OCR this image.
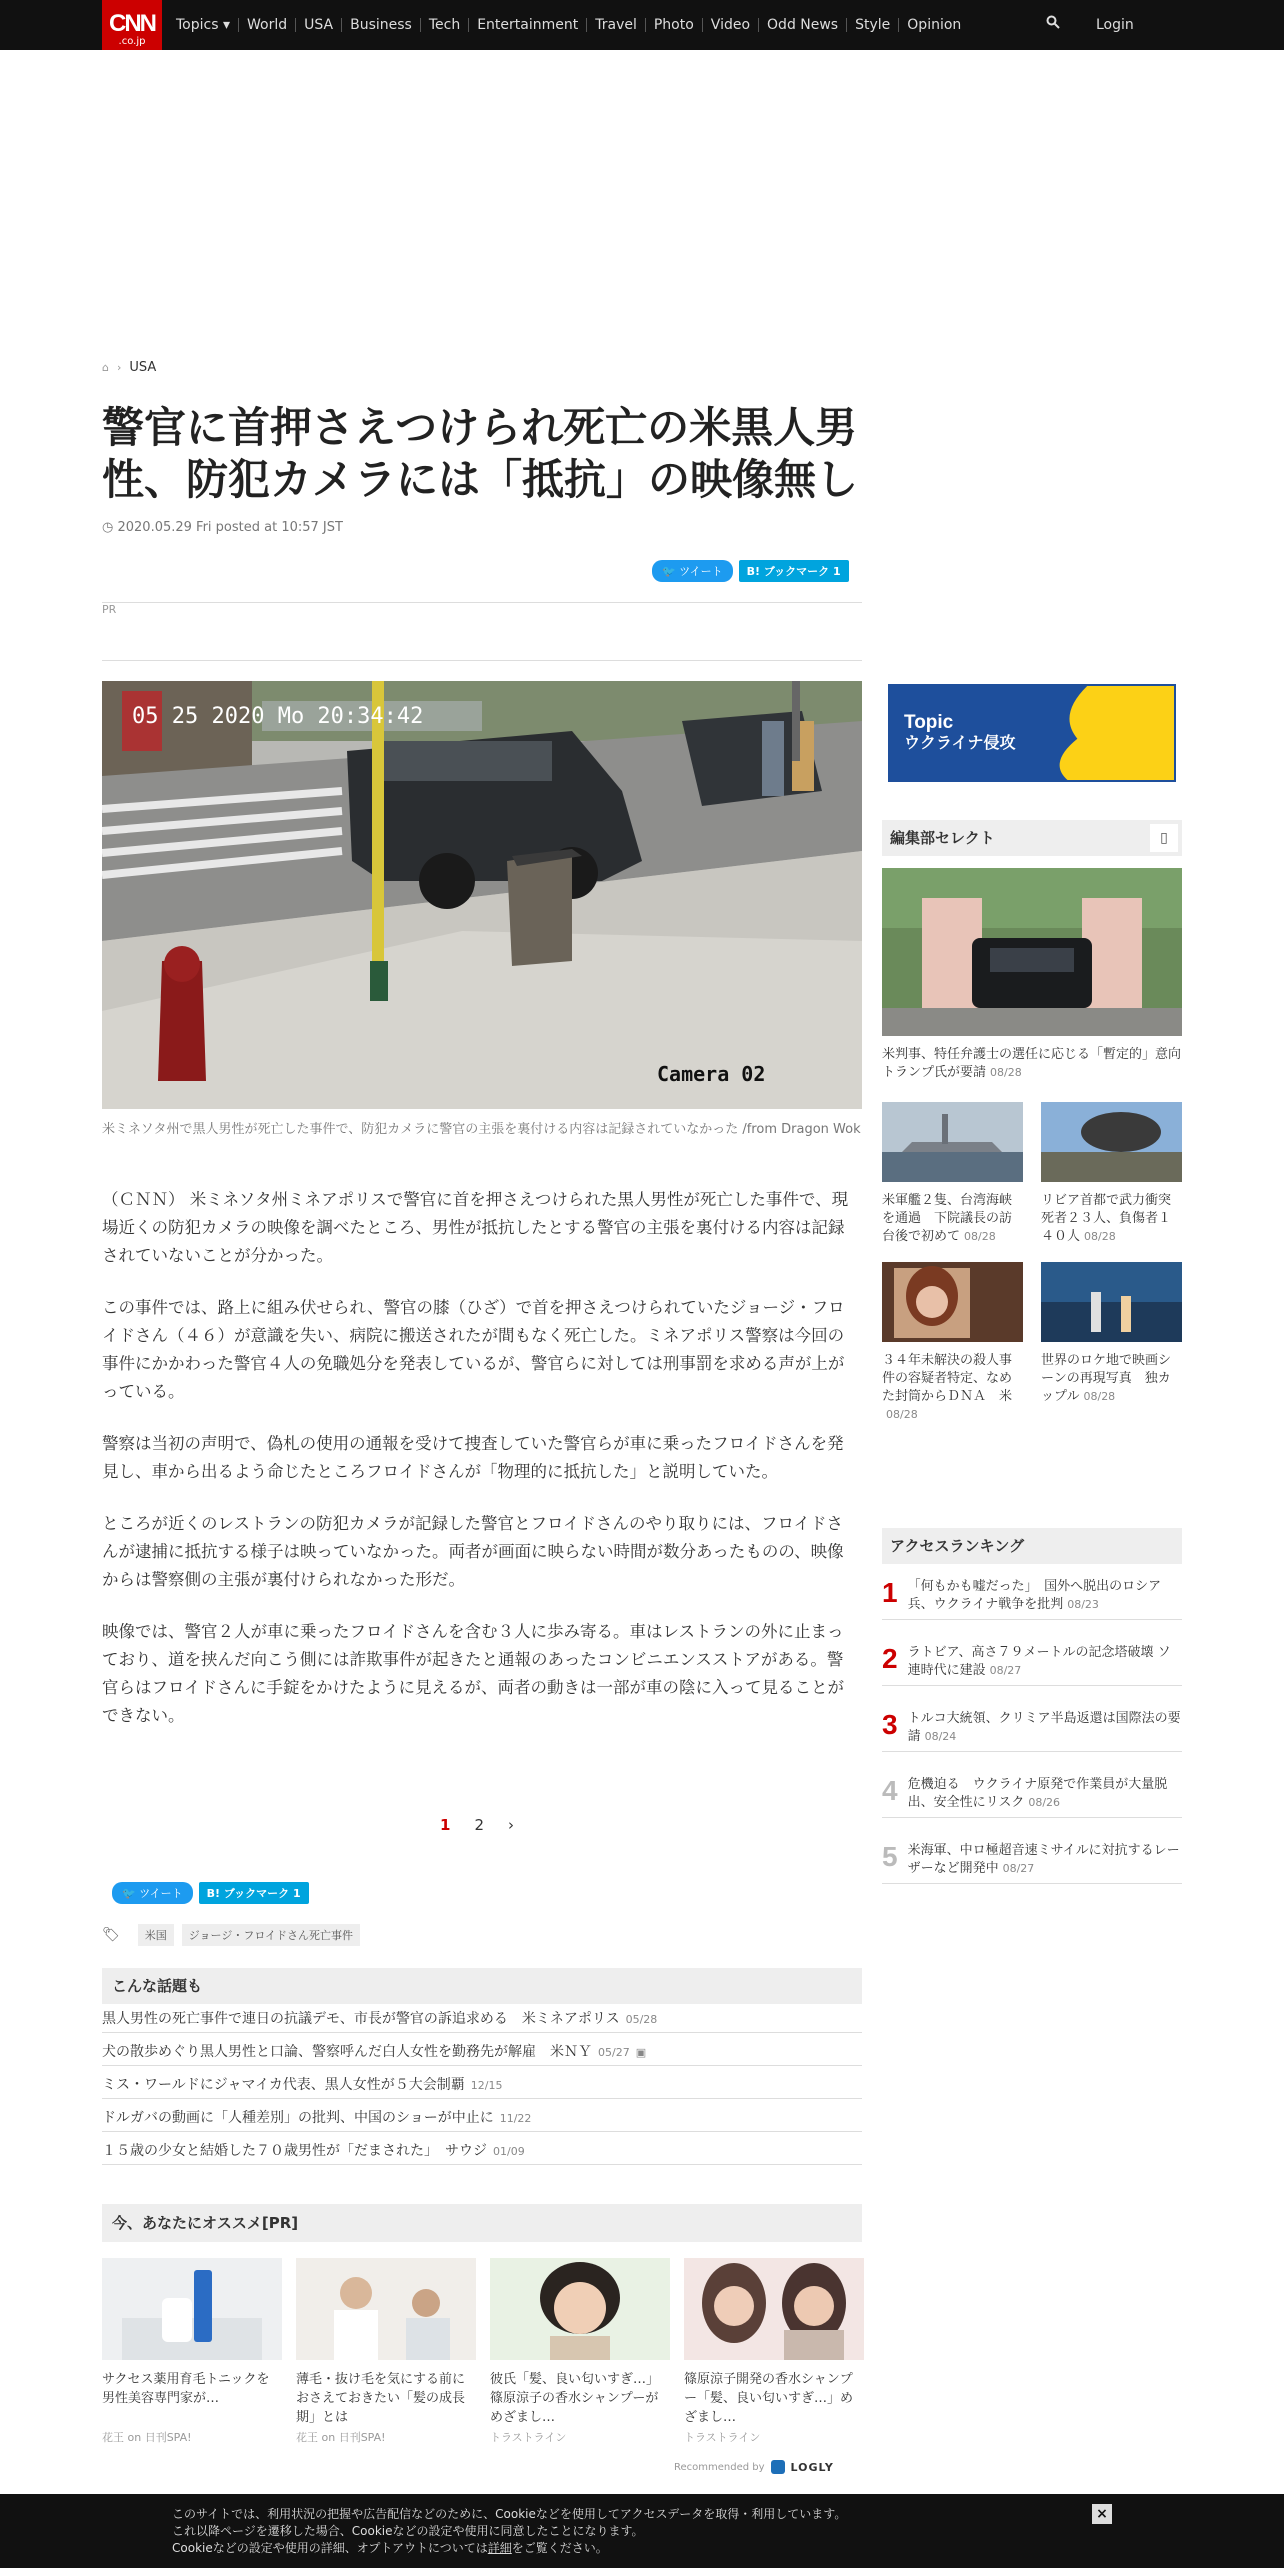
CNN
.co.jp
Topics ▾	World	USA	Business	Tech	Entertainment	Travel	Photo	Video	Odd News	Style	Opinion	Login
⌂ › USA
警官に首押さえつけられ死亡の米黒人男
性、防犯カメラには「抵抗」の映像無し
◷ 2020.05.29 Fri posted at 10:57 JST
🐦 ツイート	B! ブックマーク 1
PR
05 25 2020 Mo 20:34:42
Camera 02
米ミネソタ州で黒人男性が死亡した事件で、防犯カメラに警官の主張を裏付ける内容は記録されていなかった /from Dragon Wok

（ＣＮＮ） 米ミネソタ州ミネアポリスで警官に首を押さえつけられた黒人男性が死亡した事件で、現場近くの防犯カメラの映像を調べたところ、男性が抵抗したとする警官の主張を裏付ける内容は記録されていないことが分かった。

この事件では、路上に組み伏せられ、警官の膝（ひざ）で首を押さえつけられていたジョージ・フロイドさん（４６）が意識を失い、病院に搬送されたが間もなく死亡した。ミネアポリス警察は今回の事件にかかわった警官４人の免職処分を発表しているが、警官らに対しては刑事罰を求める声が上がっている。

警察は当初の声明で、偽札の使用の通報を受けて捜査していた警官らが車に乗ったフロイドさんを発見し、車から出るよう命じたところフロイドさんが「物理的に抵抗した」と説明していた。

ところが近くのレストランの防犯カメラが記録した警官とフロイドさんのやり取りには、フロイドさんが逮捕に抵抗する様子は映っていなかった。両者が画面に映らない時間が数分あったものの、映像からは警察側の主張が裏付けられなかった形だ。

映像では、警官２人が車に乗ったフロイドさんを含む３人に歩み寄る。車はレストランの外に止まっており、道を挟んだ向こう側には詐欺事件が起きたと通報のあったコンビニエンスストアがある。警官らはフロイドさんに手錠をかけたように見えるが、両者の動きは一部が車の陰に入って見ることができない。

1 2 ›
🐦 ツイート	B! ブックマーク 1
🏷	米国	ジョージ・フロイドさん死亡事件
こんな話題も
黒人男性の死亡事件で連日の抗議デモ、市長が警官の訴追求める　米ミネアポリス 05/28
犬の散歩めぐり黒人男性と口論、警察呼んだ白人女性を勤務先が解雇　米ＮＹ 05/27 ▣
ミス・ワールドにジャマイカ代表、黒人女性が５大会制覇 12/15
ドルガバの動画に「人種差別」の批判、中国のショーが中止に 11/22
１５歳の少女と結婚した７０歳男性が「だまされた」　サウジ 01/09
今、あなたにオススメ[PR]
サクセス薬用育毛トニックを 男性美容専門家が…
花王 on 日刊SPA!
薄毛・抜け毛を気にする前におさえておきたい「髪の成長期」とは
花王 on 日刊SPA!
彼氏「髪、良い匂いすぎ…」篠原涼子の香水シャンプーがめざまし…
トラストライン
篠原涼子開発の香水シャンプー「髪、良い匂いすぎ…」めざまし…
トラストライン
Recommended by LOGLY
Topic
ウクライナ侵攻
編集部セレクト	▯
米判事、特任弁護士の選任に応じる「暫定的」意向　トランプ氏が要請 08/28
米軍艦２隻、台湾海峡を通過　下院議長の訪台後で初めて 08/28
リビア首都で武力衝突　死者２３人、負傷者１４０人 08/28
３４年未解決の殺人事件の容疑者特定、なめた封筒からＤＮＡ　米08/28
世界のロケ地で映画シーンの再現写真　独カップル 08/28
アクセスランキング
1 「何もかも嘘だった」　国外へ脱出のロシア兵、ウクライナ戦争を批判 08/23
2 ラトビア、高さ７９メートルの記念塔破壊 ソ連時代に建設 08/27
3 トルコ大統領、クリミア半島返還は国際法の要請 08/24
4 危機迫る　ウクライナ原発で作業員が大量脱出、安全性にリスク 08/26
5 米海軍、中ロ極超音速ミサイルに対抗するレーザーなど開発中 08/27
このサイトでは、利用状況の把握や広告配信などのために、Cookieなどを使用してアクセスデータを取得・利用しています。
これ以降ページを遷移した場合、Cookieなどの設定や使用に同意したことになります。
Cookieなどの設定や使用の詳細、オプトアウトについては詳細をご覧ください。
×
